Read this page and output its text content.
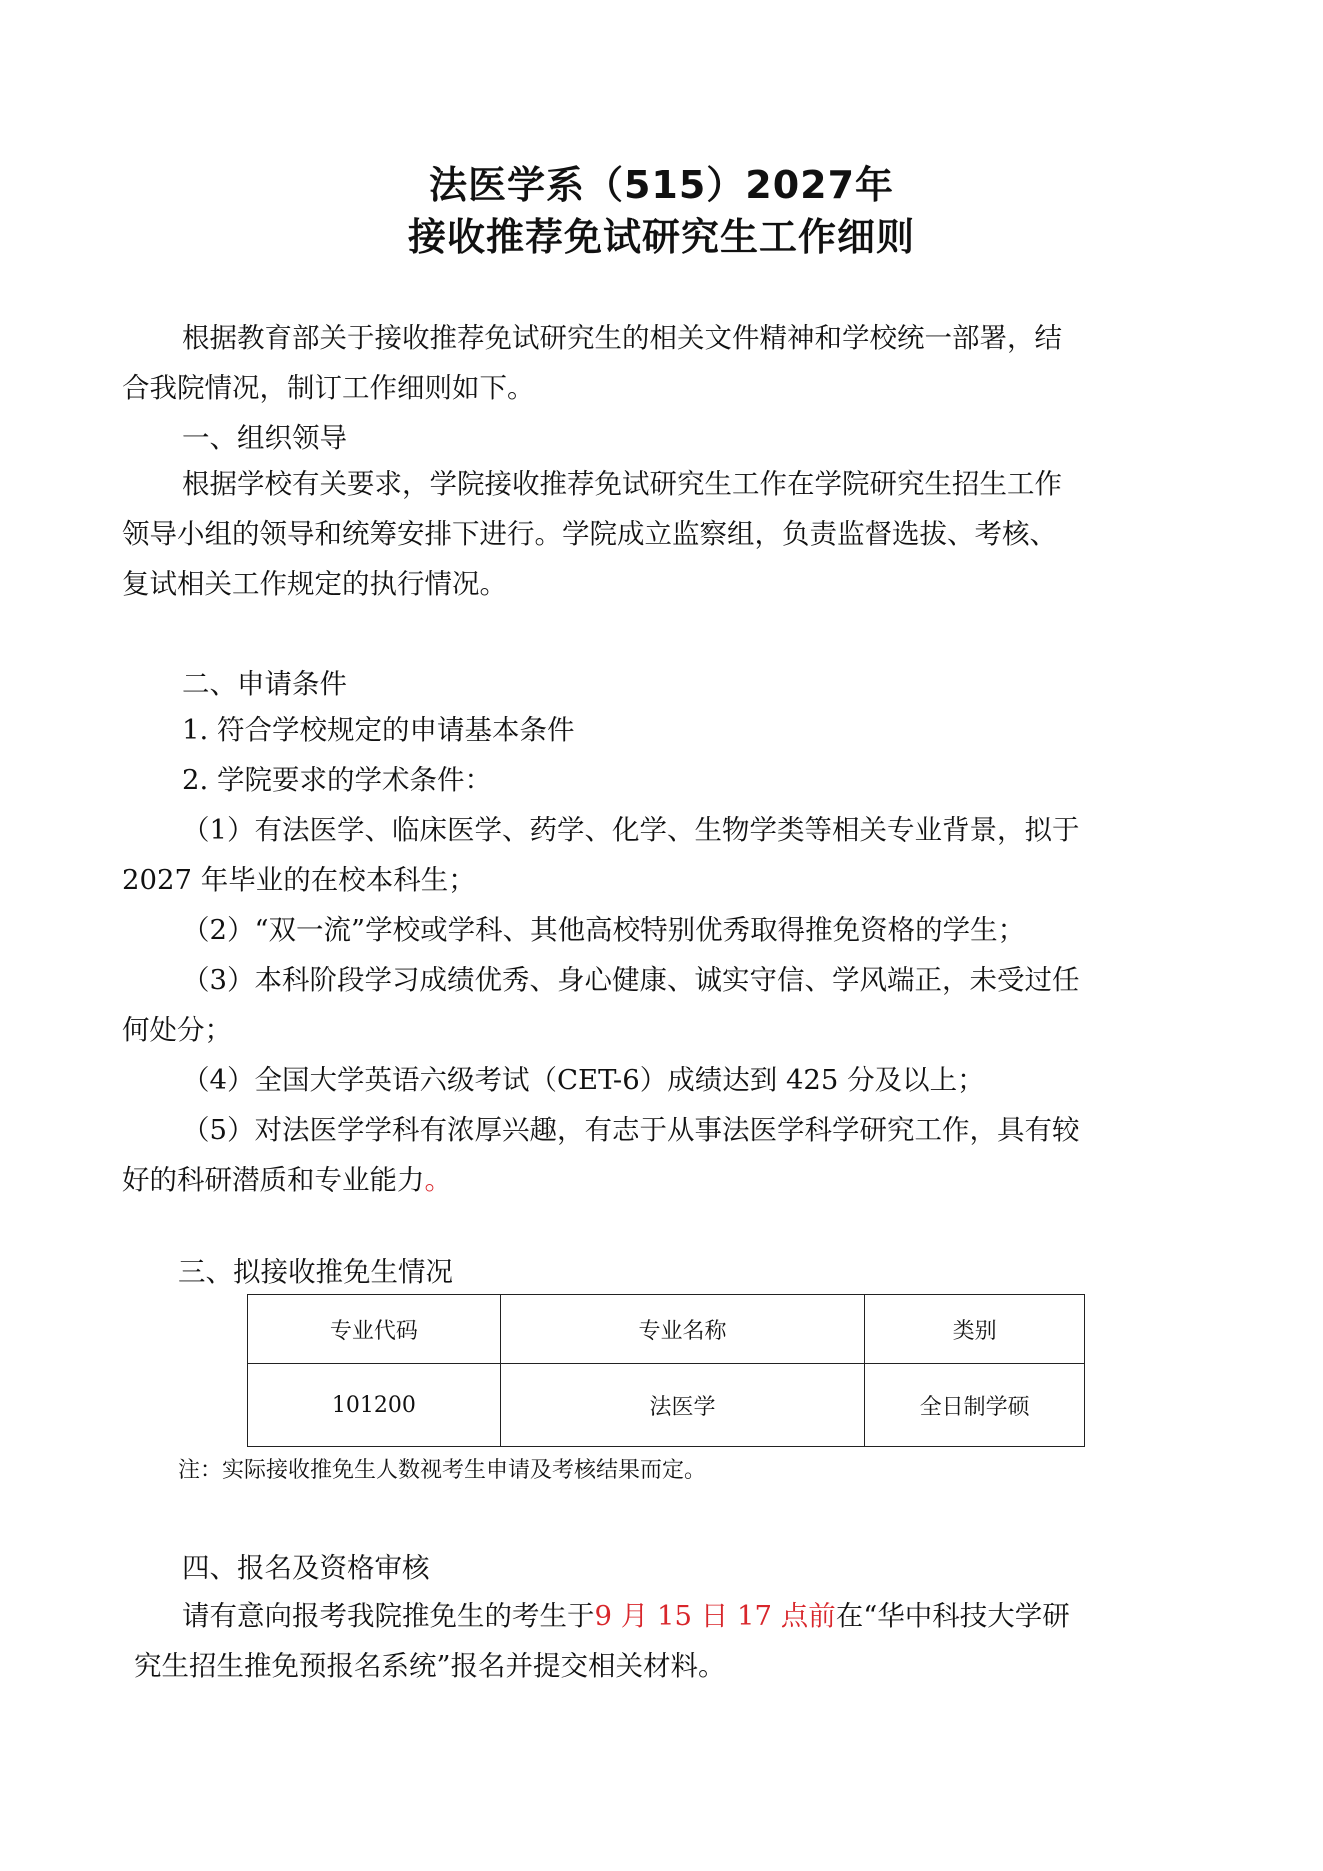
法医学系（515）2027年
接收推荐免试研究生工作细则
根据教育部关于接收推荐免试研究生的相关文件精神和学校统一部署，结
合我院情况，制订工作细则如下。
一、组织领导
根据学校有关要求，学院接收推荐免试研究生工作在学院研究生招生工作
领导小组的领导和统筹安排下进行。学院成立监察组，负责监督选拔、考核、
复试相关工作规定的执行情况。
二、申请条件
1. 符合学校规定的申请基本条件
2. 学院要求的学术条件：
（1）有法医学、临床医学、药学、化学、生物学类等相关专业背景，拟于
2027 年毕业的在校本科生；
（2）“双一流”学校或学科、其他高校特别优秀取得推免资格的学生；
（3）本科阶段学习成绩优秀、身心健康、诚实守信、学风端正，未受过任
何处分；
（4）全国大学英语六级考试（CET-6）成绩达到 425 分及以上；
（5）对法医学学科有浓厚兴趣，有志于从事法医学科学研究工作，具有较
好的科研潜质和专业能力。
三、拟接收推免生情况
专业代码	专业名称	类别
101200	法医学	全日制学硕
注：实际接收推免生人数视考生申请及考核结果而定。
四、报名及资格审核
请有意向报考我院推免生的考生于9 月 15 日 17 点前在“华中科技大学研
究生招生推免预报名系统”报名并提交相关材料。
